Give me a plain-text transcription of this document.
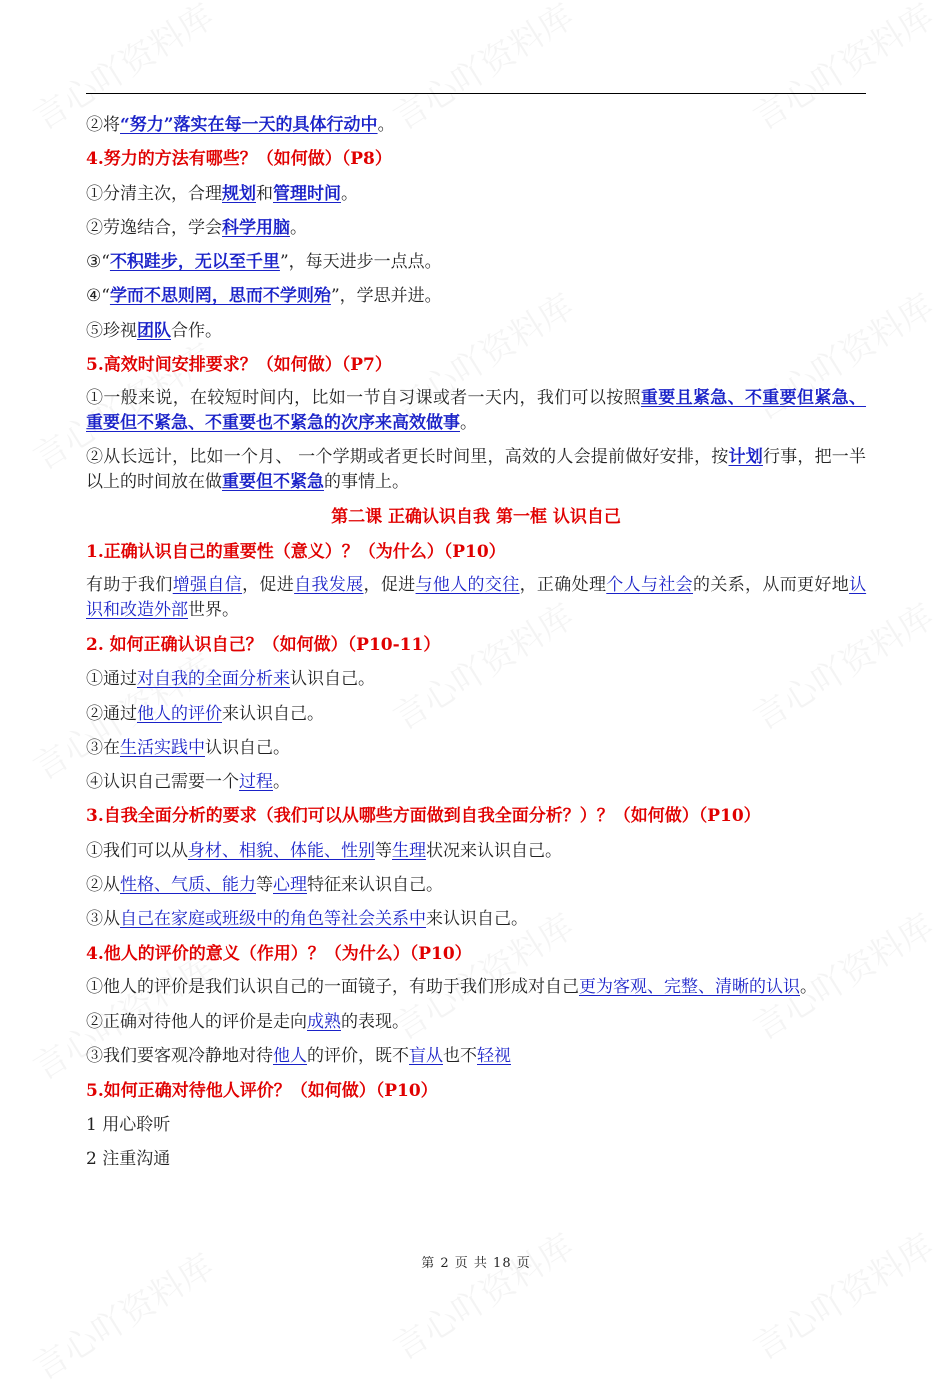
②将“努力”落实在每一天的具体行动中。
4.努力的方法有哪些？（如何做）（P8）
①分清主次，合理规划和管理时间。
②劳逸结合，学会科学用脑。
③“不积跬步，无以至千里”，每天进步一点点。
④“学而不思则罔，思而不学则殆”，学思并进。
⑤珍视团队合作。
5.高效时间安排要求？（如何做）（P7）
①一般来说，在较短时间内，比如一节自习课或者一天内，我们可以按照重要且紧急、不重要但紧急、重要但不紧急、不重要也不紧急的次序来高效做事。
②从长远计，比如一个月、 一个学期或者更长时间里，高效的人会提前做好安排，按计划行事，把一半以上的时间放在做重要但不紧急的事情上。
第二课 正确认识自我 第一框 认识自己
1.正确认识自己的重要性（意义）？（为什么）（P10）
有助于我们增强自信，促进自我发展，促进与他人的交往，正确处理个人与社会的关系，从而更好地认识和改造外部世界。
2. 如何正确认识自己？（如何做）（P10-11）
①通过对自我的全面分析来认识自己。
②通过他人的评价来认识自己。
③在生活实践中认识自己。
④认识自己需要一个过程。
3.自我全面分析的要求（我们可以从哪些方面做到自我全面分析？）？（如何做）（P10）
①我们可以从身材、相貌、体能、性别等生理状况来认识自己。
②从性格、气质、能力等心理特征来认识自己。
③从自己在家庭或班级中的角色等社会关系中来认识自己。
4.他人的评价的意义（作用）？（为什么）（P10）
①他人的评价是我们认识自己的一面镜子，有助于我们形成对自己更为客观、完整、清晰的认识。
②正确对待他人的评价是走向成熟的表现。
③我们要客观冷静地对待他人的评价，既不盲从也不轻视
5.如何正确对待他人评价？（如何做）（P10）
1 用心聆听
2 注重沟通
第 2 页 共 18 页
